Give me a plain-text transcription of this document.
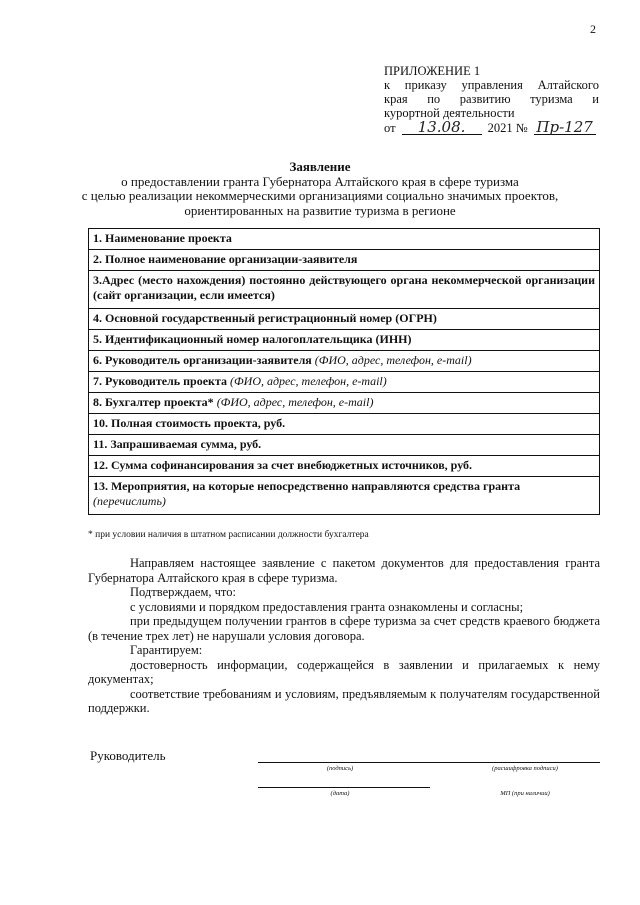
2
ПРИЛОЖЕНИЕ 1
к приказу управления Алтайского
края по развитию туризма и
курортной деятельности
от	13.08.	2021 № Пр-127
Заявление
о предоставлении гранта Губернатора Алтайского края в сфере туризма
с целью реализации некоммерческими организациями социально значимых проектов,
ориентированных на развитие туризма в регионе
1. Наименование проекта
2. Полное наименование организации-заявителя
3.Адрес (место нахождения) постоянно действующего органа некоммерческой организации (сайт организации, если имеется)
4. Основной государственный регистрационный номер (ОГРН)
5. Идентификационный номер налогоплательщика (ИНН)
6. Руководитель организации-заявителя (ФИО, адрес, телефон, e-mail)
7. Руководитель проекта (ФИО, адрес, телефон, e-mail)
8. Бухгалтер проекта* (ФИО, адрес, телефон, e-mail)
10. Полная стоимость проекта, руб.
11. Запрашиваемая сумма, руб.
12. Сумма софинансирования за счет внебюджетных источников, руб.
13. Мероприятия, на которые непосредственно направляются средства гранта
(перечислить)
* при условии наличия в штатном расписании должности бухгалтера

Направляем настоящее заявление с пакетом документов для предоставления гранта Губернатора Алтайского края в сфере туризма.

Подтверждаем, что:

с условиями и порядком предоставления гранта ознакомлены и согласны;

при предыдущем получении грантов в сфере туризма за счет средств краевого бюджета (в течение трех лет) не нарушали условия договора.

Гарантируем:

достоверность информации, содержащейся в заявлении и прилагаемых к нему документах;

соответствие требованиям и условиям, предъявляемым к получателям государственной поддержки.

Руководитель
(подпись)	(расшифровка подписи)
(дата)	МП (при наличии)
